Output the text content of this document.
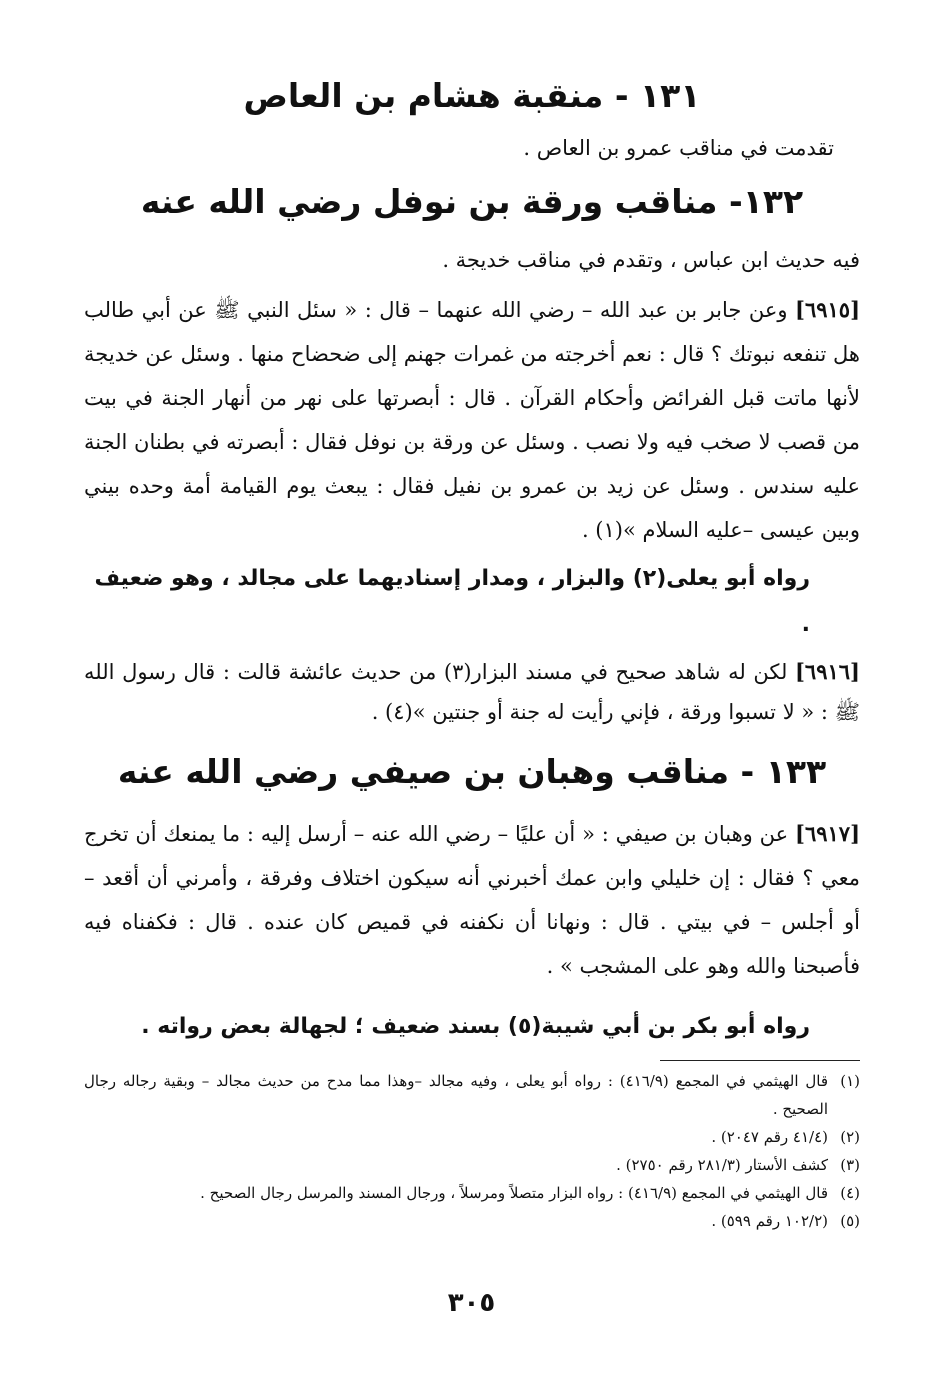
١٣١ - منقبة هشام بن العاص

تقدمت في مناقب عمرو بن العاص .

١٣٢- مناقب ورقة بن نوفل رضي الله عنه

فيه حديث ابن عباس ، وتقدم في مناقب خديجة .

[٦٩١٥] وعن جابر بن عبد الله – رضي الله عنهما – قال : « سئل النبي ﷺ عن أبي طالب هل تنفعه نبوتك ؟ قال : نعم أخرجته من غمرات جهنم إلى ضحضاح منها . وسئل عن خديجة لأنها ماتت قبل الفرائض وأحكام القرآن . قال : أبصرتها على نهر من أنهار الجنة في بيت من قصب لا صخب فيه ولا نصب . وسئل عن ورقة بن نوفل فقال : أبصرته في بطنان الجنة عليه سندس . وسئل عن زيد بن عمرو بن نفيل فقال : يبعث يوم القيامة أمة وحده بيني وبين عيسى –عليه السلام »(١) .

رواه أبو يعلى(٢) والبزار ، ومدار إسناديهما على مجالد ، وهو ضعيف .

[٦٩١٦] لكن له شاهد صحيح في مسند البزار(٣) من حديث عائشة قالت : قال رسول الله ﷺ : « لا تسبوا ورقة ، فإني رأيت له جنة أو جنتين »(٤) .

١٣٣ - مناقب وهبان بن صيفي رضي الله عنه

[٦٩١٧] عن وهبان بن صيفي : « أن عليًا – رضي الله عنه – أرسل إليه : ما يمنعك أن تخرج معي ؟ فقال : إن خليلي وابن عمك أخبرني أنه سيكون اختلاف وفرقة ، وأمرني أن أقعد – أو أجلس – في بيتي . قال : ونهانا أن نكفنه في قميص كان عنده . قال : فكفناه فيه فأصبحنا والله وهو على المشجب » .

رواه أبو بكر بن أبي شيبة(٥) بسند ضعيف ؛ لجهالة بعض رواته .

(١)
قال الهيثمي في المجمع (٤١٦/٩) : رواه أبو يعلى ، وفيه مجالد –وهذا مما مدح من حديث مجالد – وبقية رجاله رجال الصحيح .

(٢)
(٤١/٤ رقم ٢٠٤٧) .

(٣)
كشف الأستار (٢٨١/٣ رقم ٢٧٥٠) .

(٤)
قال الهيثمي في المجمع (٤١٦/٩) : رواه البزار متصلاً ومرسلاً ، ورجال المسند والمرسل رجال الصحيح .

(٥)
(١٠٢/٢ رقم ٥٩٩) .

٣٠٥
